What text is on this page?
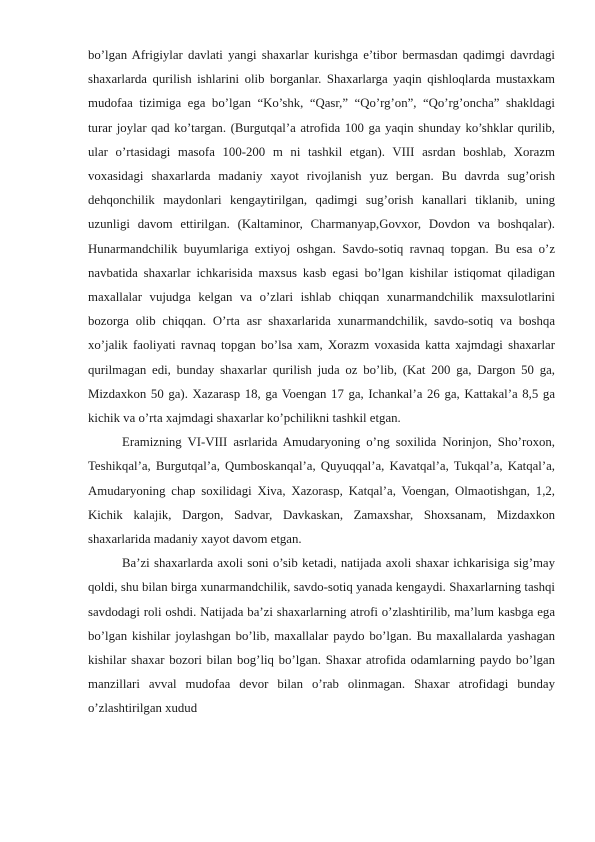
bo’lgan Afrigiylar davlati yangi shaxarlar kurishga e’tibor bermasdan qadimgi davrdagi shaxarlarda qurilish ishlarini olib borganlar. Shaxarlarga yaqin qishloqlarda mustaxkam mudofaa tizimiga ega bo’lgan “Ko’shk, “Qasr,” “Qo’rg’on”, “Qo’rg’oncha” shakldagi turar joylar qad ko’targan. (Burgutqal’a atrofida 100 ga yaqin shunday ko’shklar qurilib, ular o’rtasidagi masofa 100-200 m ni tashkil etgan). VIII asrdan boshlab, Xorazm voxasidagi shaxarlarda madaniy xayot rivojlanish yuz bergan. Bu davrda sug’orish dehqonchilik maydonlari kengaytirilgan, qadimgi sug’orish kanallari tiklanib, uning uzunligi davom ettirilgan. (Kaltaminor, Charmanyap,Govxor, Dovdon va boshqalar). Hunarmandchilik buyumlariga extiyoj oshgan. Savdo-sotiq ravnaq topgan. Bu esa o’z navbatida shaxarlar ichkarisida maxsus kasb egasi bo’lgan kishilar istiqomat qiladigan maxallalar vujudga kelgan va o’zlari ishlab chiqqan xunarmandchilik maxsulotlarini bozorga olib chiqqan. O’rta asr shaxarlarida xunarmandchilik, savdo-sotiq va boshqa xo’jalik faoliyati ravnaq topgan bo’lsa xam, Xorazm voxasida katta xajmdagi shaxarlar qurilmagan edi, bunday shaxarlar qurilish juda oz bo’lib, (Kat 200 ga, Dargon 50 ga, Mizdaxkon 50 ga). Xazarasp 18, ga Voengan 17 ga, Ichankal’a 26 ga, Kattakal’a 8,5 ga kichik va o’rta xajmdagi shaxarlar ko’pchilikni tashkil etgan.

Eramizning VI-VIII asrlarida Amudaryoning o’ng soxilida Norinjon, Sho’roxon, Teshikqal’a, Burgutqal’a, Qumboskanqal’a, Quyuqqal’a, Kavatqal’a, Tukqal’a, Katqal’a, Amudaryoning chap soxilidagi Xiva, Xazorasp, Katqal’a, Voengan, Olmaotishgan, 1,2, Kichik kalajik, Dargon, Sadvar, Davkaskan, Zamaxshar, Shoxsanam, Mizdaxkon shaxarlarida madaniy xayot davom etgan.

Ba’zi shaxarlarda axoli soni o’sib ketadi, natijada axoli shaxar ichkarisiga sig’may qoldi, shu bilan birga xunarmandchilik, savdo-sotiq yanada kengaydi. Shaxarlarning tashqi savdodagi roli oshdi. Natijada ba’zi shaxarlarning atrofi o’zlashtirilib, ma’lum kasbga ega bo’lgan kishilar joylashgan bo’lib, maxallalar paydo bo’lgan. Bu maxallalarda yashagan kishilar shaxar bozori bilan bog’liq bo’lgan. Shaxar atrofida odamlarning paydo bo’lgan manzillari avval mudofaa devor bilan o’rab olinmagan. Shaxar atrofidagi bunday o’zlashtirilgan xudud
